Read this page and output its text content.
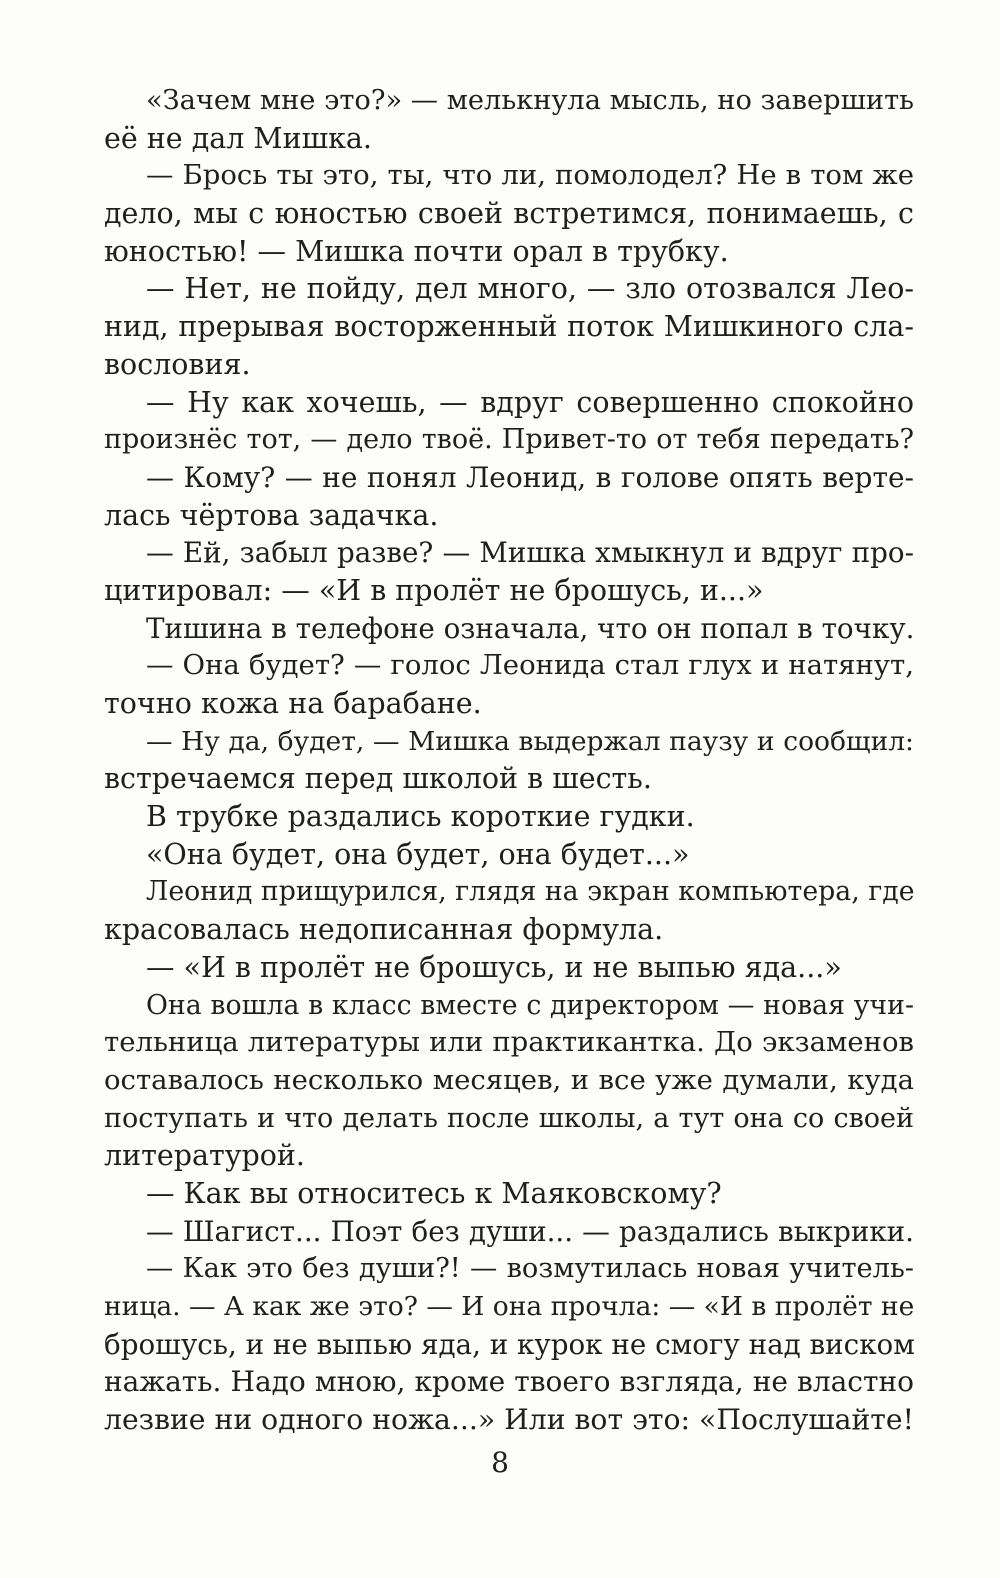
«Зачем мне это?» — мелькнула мысль, но завершить
её не дал Мишка.
— Брось ты это, ты, что ли, помолодел? Не в том же
дело, мы с юностью своей встретимся, понимаешь, с
юностью! — Мишка почти орал в трубку.
— Нет, не пойду, дел много, — зло отозвался Лео-
нид, прерывая восторженный поток Мишкиного сла-
вословия.
— Ну как хочешь, — вдруг совершенно спокойно
произнёс тот, — дело твоё. Привет-то от тебя передать?
— Кому? — не понял Леонид, в голове опять верте-
лась чёртова задачка.
— Ей, забыл разве? — Мишка хмыкнул и вдруг про-
цитировал: — «И в пролёт не брошусь, и...»
Тишина в телефоне означала, что он попал в точку.
— Она будет? — голос Леонида стал глух и натянут,
точно кожа на барабане.
— Ну да, будет, — Мишка выдержал паузу и сообщил:
встречаемся перед школой в шесть.
В трубке раздались короткие гудки.
«Она будет, она будет, она будет...»
Леонид прищурился, глядя на экран компьютера, где
красовалась недописанная формула.
— «И в пролёт не брошусь, и не выпью яда...»
Она вошла в класс вместе с директором — новая учи-
тельница литературы или практикантка. До экзаменов
оставалось несколько месяцев, и все уже думали, куда
поступать и что делать после школы, а тут она со своей
литературой.
— Как вы относитесь к Маяковскому?
— Шагист... Поэт без души... — раздались выкрики.
— Как это без души?! — возмутилась новая учитель-
ница. — А как же это? — И она прочла: — «И в пролёт не
брошусь, и не выпью яда, и курок не смогу над виском
нажать. Надо мною, кроме твоего взгляда, не властно
лезвие ни одного ножа...» Или вот это: «Послушайте!
8
